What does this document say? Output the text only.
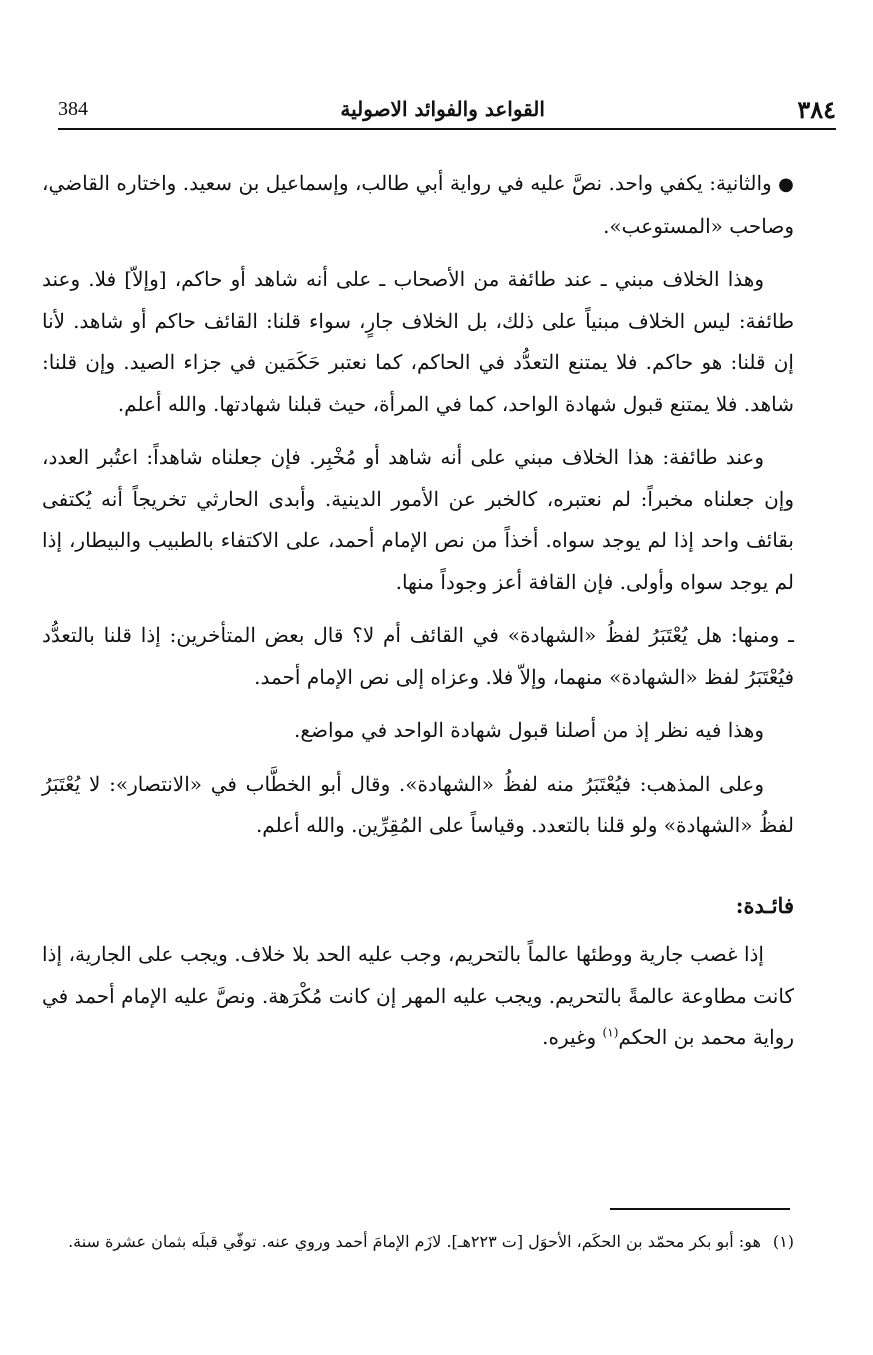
384	القواعد والفوائد الاصولية	٣٨٤

● والثانية: يكفي واحد. نصَّ عليه في رواية أبي طالب، وإسماعيل بن سعيد. واختاره القاضي، وصاحب «المستوعب».

وهذا الخلاف مبني ـ عند طائفة من الأصحاب ـ على أنه شاهد أو حاكم، [وإلاّ] فلا. وعند طائفة: ليس الخلاف مبنياً على ذلك، بل الخلاف جارٍ، سواء قلنا: القائف حاكم أو شاهد. لأنا إن قلنا: هو حاكم. فلا يمتنع التعدُّد في الحاكم، كما نعتبر حَكَمَين في جزاء الصيد. وإن قلنا: شاهد. فلا يمتنع قبول شهادة الواحد، كما في المرأة، حيث قبلنا شهادتها. والله أعلم.

وعند طائفة: هذا الخلاف مبني على أنه شاهد أو مُخْبِر. فإن جعلناه شاهداً: اعتُبر العدد، وإن جعلناه مخبراً: لم نعتبره، كالخبر عن الأمور الدينية. وأبدى الحارثي تخريجاً أنه يُكتفى بقائف واحد إذا لم يوجد سواه. أخذاً من نص الإمام أحمد، على الاكتفاء بالطبيب والبيطار، إذا لم يوجد سواه وأولى. فإن القافة أعز وجوداً منها.

ـ ومنها: هل يُعْتَبَرُ لفظُ «الشهادة» في القائف أم لا؟ قال بعض المتأخرين: إذا قلنا بالتعدُّد فيُعْتَبَرُ لفظ «الشهادة» منهما، وإلاّ فلا. وعزاه إلى نص الإمام أحمد.

وهذا فيه نظر إذ من أصلنا قبول شهادة الواحد في مواضع.

وعلى المذهب: فيُعْتَبَرُ منه لفظُ «الشهادة». وقال أبو الخطَّاب في «الانتصار»: لا يُعْتَبَرُ لفظُ «الشهادة» ولو قلنا بالتعدد. وقياساً على المُقِرِّين. والله أعلم.

فائـدة:

إذا غصب جارية ووطئها عالماً بالتحريم، وجب عليه الحد بلا خلاف. ويجب على الجارية، إذا كانت مطاوعة عالمةً بالتحريم. ويجب عليه المهر إن كانت مُكْرَهة. ونصَّ عليه الإمام أحمد في رواية محمد بن الحكم$^{(١)}$ وغيره.

(١)هو: أبو بكر محمّد بن الحكَم، الأحوَل [ت ٢٢٣هـ]. لازَم الإمامَ أحمد وروي عنه. توفّي قبلَه بثمان عشرة سنة.
